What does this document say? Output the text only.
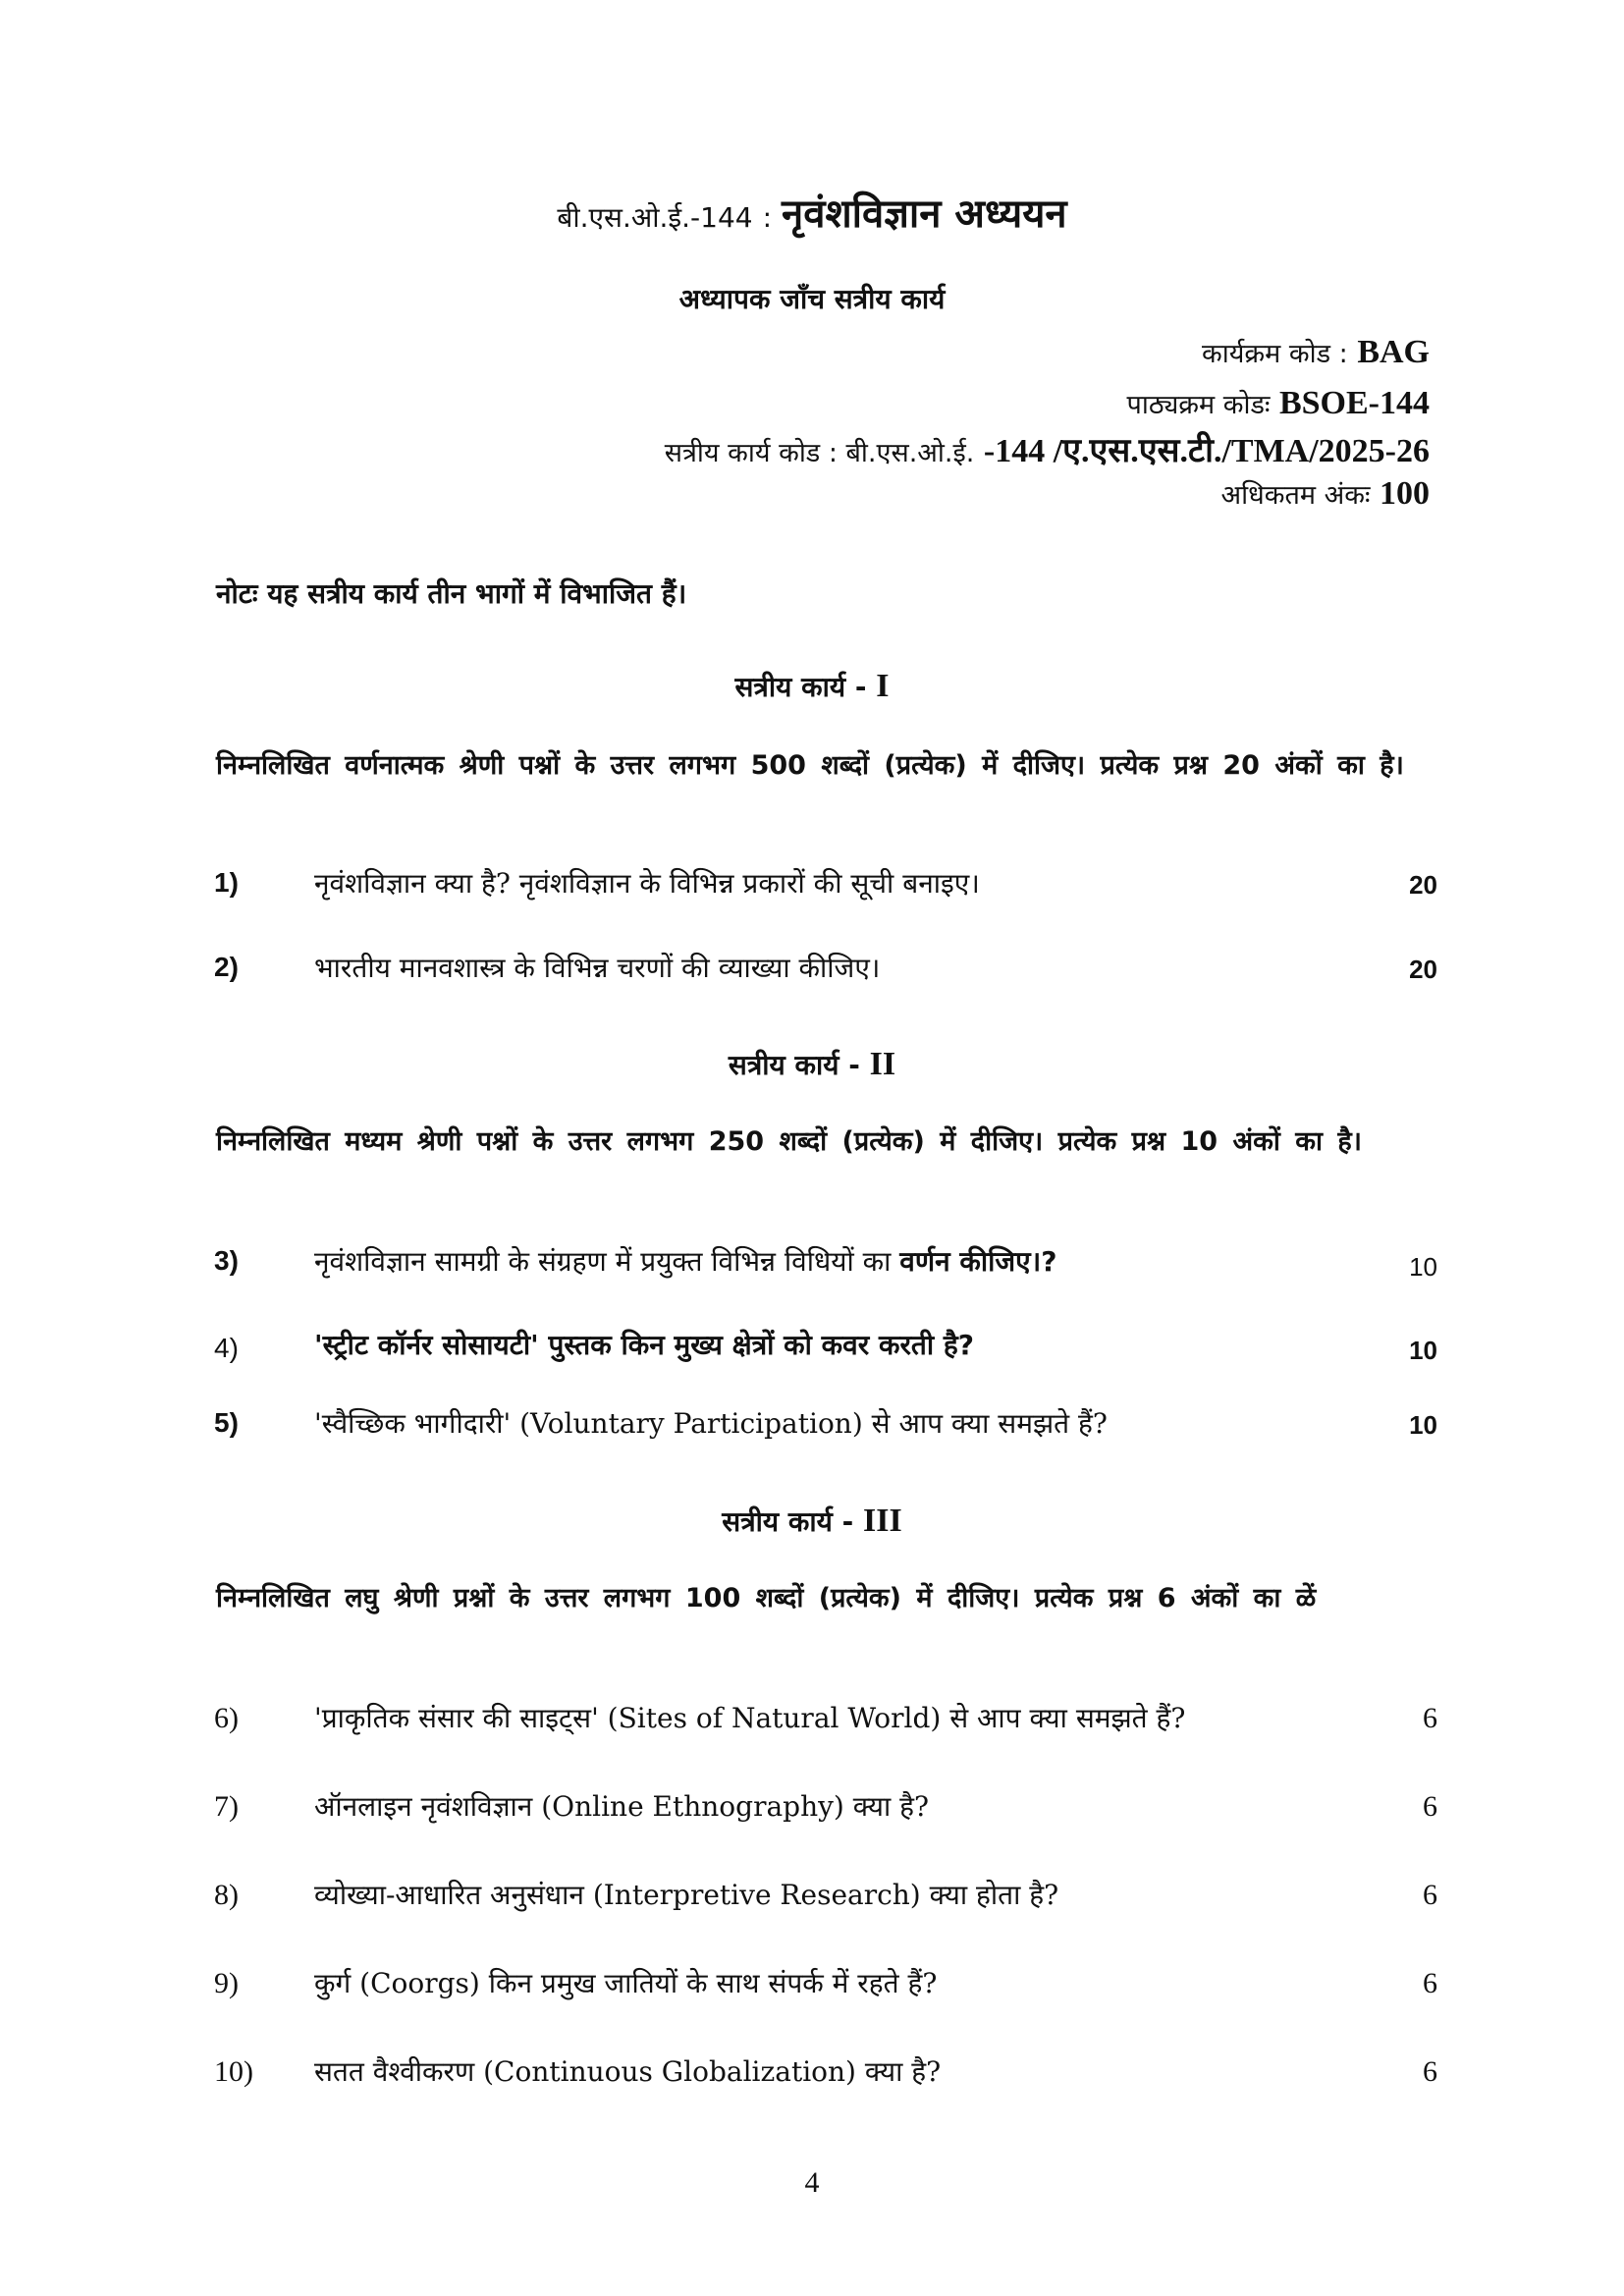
बी.एस.ओ.ई.-144 : नृवंशविज्ञान अध्ययन
अध्यापक जाँच सत्रीय कार्य
कार्यक्रम कोड : BAG
पाठ्यक्रम कोडः BSOE-144
सत्रीय कार्य कोड : बी.एस.ओ.ई. -144 /ए.एस.एस.टी./TMA/2025-26
अधिकतम अंकः 100
नोटः यह सत्रीय कार्य तीन भागों में विभाजित हैं।
सत्रीय कार्य - I
निम्नलिखित वर्णनात्मक श्रेणी पश्नों के उत्तर लगभग 500 शब्दों (प्रत्येक) में दीजिए। प्रत्येक प्रश्न 20 अंकों का है।
1)	नृवंशविज्ञान क्या है? नृवंशविज्ञान के विभिन्न प्रकारों की सूची बनाइए।	20
2)	भारतीय मानवशास्त्र के विभिन्न चरणों की व्याख्या कीजिए।	20
सत्रीय कार्य - II
निम्नलिखित मध्यम श्रेणी पश्नों के उत्तर लगभग 250 शब्दों (प्रत्येक) में दीजिए। प्रत्येक प्रश्न 10 अंकों का है।
3)	नृवंशविज्ञान सामग्री के संग्रहण में प्रयुक्त विभिन्न विधियों का वर्णन कीजिए।?	10
4)	'स्ट्रीट कॉर्नर सोसायटी' पुस्तक किन मुख्य क्षेत्रों को कवर करती है?	10
5)	'स्वैच्छिक भागीदारी' (Voluntary Participation) से आप क्या समझते हैं?	10
सत्रीय कार्य - III
निम्नलिखित लघु श्रेणी प्रश्नों के उत्तर लगभग 100 शब्दों (प्रत्येक) में दीजिए। प्रत्येक प्रश्न 6 अंकों का ळें
6)	'प्राकृतिक संसार की साइट्स' (Sites of Natural World) से आप क्या समझते हैं?	6
7)	ऑनलाइन नृवंशविज्ञान (Online Ethnography) क्या है?	6
8)	व्योख्या-आधारित अनुसंधान (Interpretive Research) क्या होता है?	6
9)	कुर्ग (Coorgs) किन प्रमुख जातियों के साथ संपर्क में रहते हैं?	6
10) सतत वैश्वीकरण (Continuous Globalization) क्या है?	6
4
